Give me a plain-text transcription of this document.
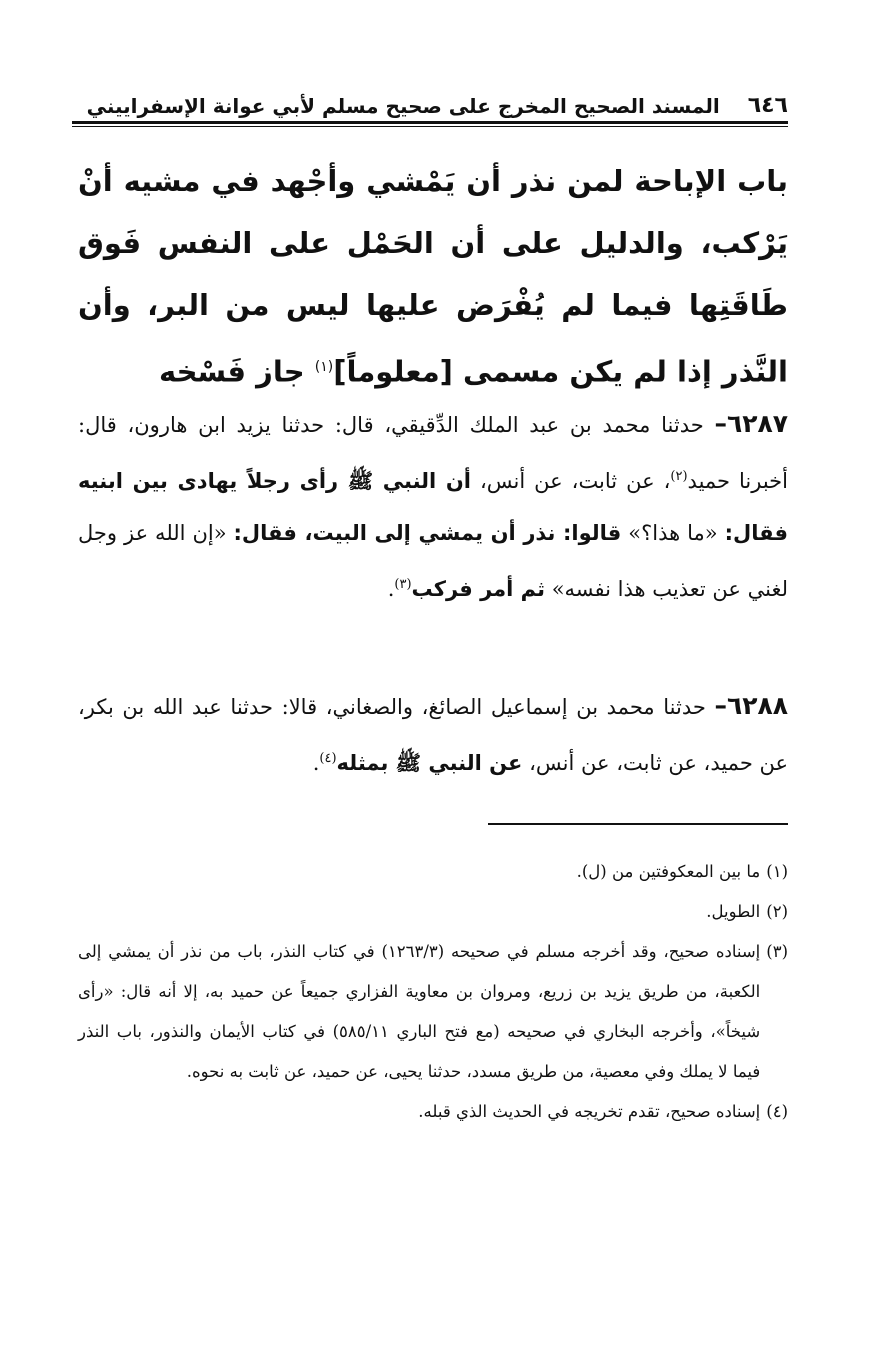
٦٤٦
المسند الصحيح المخرج على صحيح مسلم لأبي عوانة الإسفراييني
باب الإباحة لمن نذر أن يَمْشي وأجْهد في مشيه أنْ يَرْكب، والدليل على أن الحَمْل على النفس فَوق طَاقَتِها فيما لم يُفْرَض عليها ليس من البر، وأن النَّذر إذا لم يكن مسمى [معلوماً]$^{(١)}$ جاز فَسْخه

٦٢٨٧– حدثنا محمد بن عبد الملك الدِّقيقي، قال: حدثنا يزيد ابن هارون، قال: أخبرنا حميد$^{(٢)}$، عن ثابت، عن أنس، أن النبي ﷺ رأى رجلاً يهادى بين ابنيه فقال: «ما هذا؟» قالوا: نذر أن يمشي إلى البيت، فقال: «إن الله عز وجل لغني عن تعذيب هذا نفسه» ثم أمر فركب$^{(٣)}$.

٦٢٨٨– حدثنا محمد بن إسماعيل الصائغ، والصغاني، قالا: حدثنا عبد الله بن بكر، عن حميد، عن ثابت، عن أنس، عن النبي ﷺ بمثله$^{(٤)}$.

(١)
ما بين المعكوفتين من (ل).
(٢)
الطويل.
(٣)
إسناده صحيح، وقد أخرجه مسلم في صحيحه (١٢٦٣/٣) في كتاب النذر، باب من نذر أن يمشي إلى الكعبة، من طريق يزيد بن زريع، ومروان بن معاوية الفزاري جميعاً عن حميد به، إلا أنه قال: «رأى شيخاً»، وأخرجه البخاري في صحيحه (مع فتح الباري ٥٨٥/١١) في كتاب الأيمان والنذور، باب النذر فيما لا يملك وفي معصية، من طريق مسدد، حدثنا يحيى، عن حميد، عن ثابت به نحوه.
(٤)
إسناده صحيح، تقدم تخريجه في الحديث الذي قبله.
